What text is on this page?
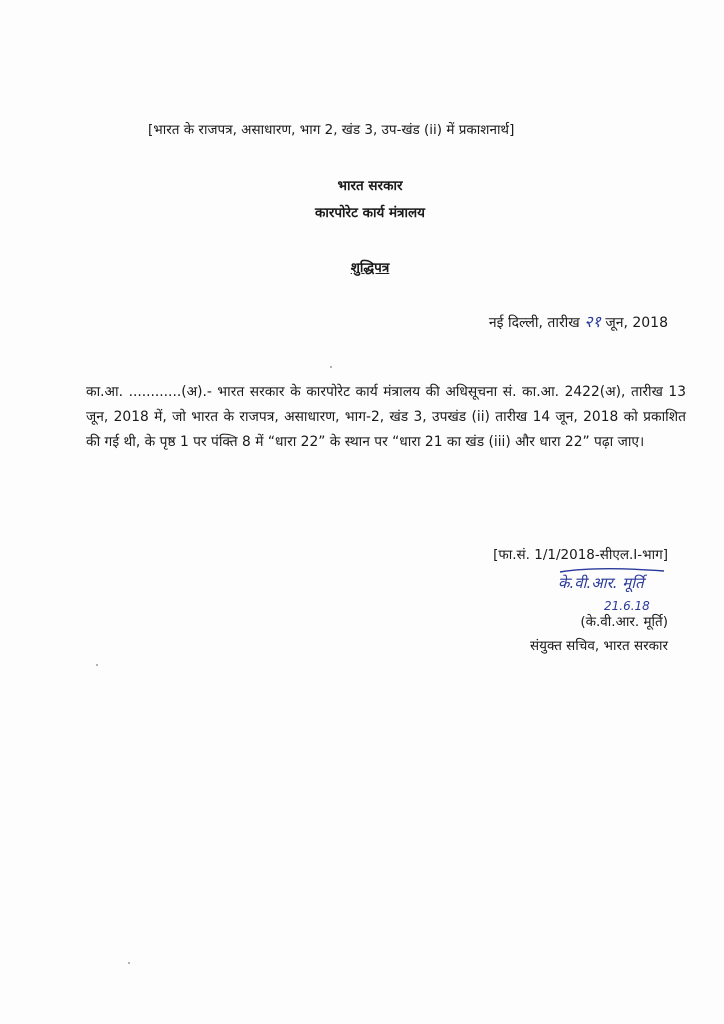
[भारत के राजपत्र, असाधारण, भाग 2, खंड 3, उप-खंड (ii) में प्रकाशनार्थ]
भारत सरकार
कारपोरेट कार्य मंत्रालय
शुद्धिपत्र
नई दिल्ली, तारीख २१ जून, 2018
का.आ. ............(अ).- भारत सरकार के कारपोरेट कार्य मंत्रालय की अधिसूचना सं. का.आ. 2422(अ), तारीख 13 जून, 2018 में, जो भारत के राजपत्र, असाधारण, भाग-2, खंड 3, उपखंड (ii) तारीख 14 जून, 2018 को प्रकाशित की गई थी, के पृष्ठ 1 पर पंक्ति 8 में “धारा 22” के स्थान पर “धारा 21 का खंड (iii) और धारा 22” पढ़ा जाए।
[फा.सं. 1/1/2018-सीएल.I-भाग]
के.वी.आर. मूर्ति
21.6.18
(के.वी.आर. मूर्ति)
संयुक्त सचिव, भारत सरकार
